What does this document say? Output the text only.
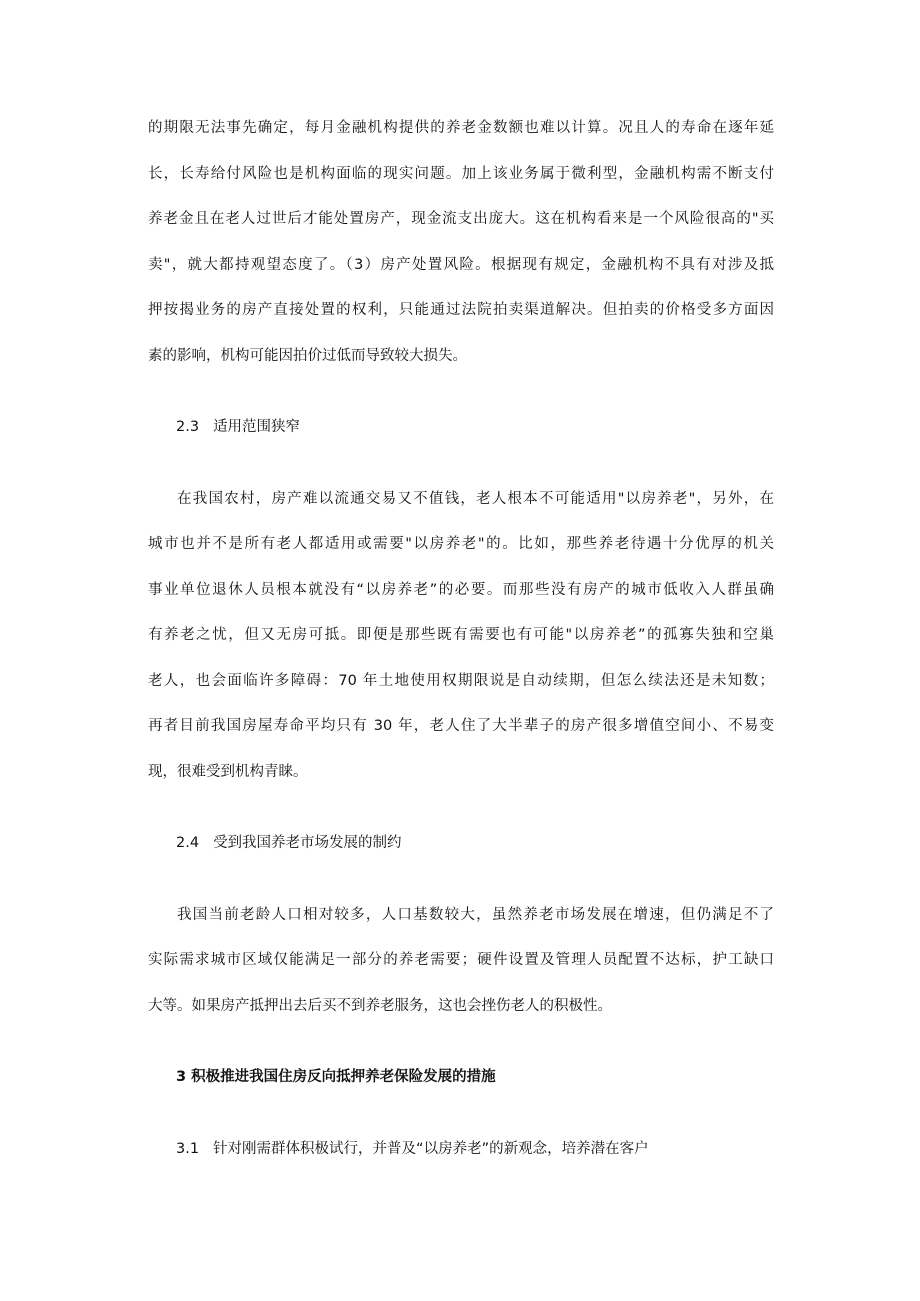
的期限无法事先确定，每月金融机构提供的养老金数额也难以计算。况且人的寿命在逐年延
长，长寿给付风险也是机构面临的现实问题。加上该业务属于微利型，金融机构需不断支付
养老金且在老人过世后才能处置房产，现金流支出庞大。这在机构看来是一个风险很高的"买
卖"，就大都持观望态度了。（3）房产处置风险。根据现有规定，金融机构不具有对涉及抵
押按揭业务的房产直接处置的权利，只能通过法院拍卖渠道解决。但拍卖的价格受多方面因
素的影响，机构可能因拍价过低而导致较大损失。
2.3 适用范围狭窄
在我国农村，房产难以流通交易又不值钱，老人根本不可能适用"以房养老"，另外，在
城市也并不是所有老人都适用或需要"以房养老"的。比如，那些养老待遇十分优厚的机关
事业单位退休人员根本就没有“以房养老”的必要。而那些没有房产的城市低收入人群虽确
有养老之忧，但又无房可抵。即便是那些既有需要也有可能"以房养老”的孤寡失独和空巢
老人，也会面临许多障碍：70 年土地使用权期限说是自动续期，但怎么续法还是未知数；
再者目前我国房屋寿命平均只有 30 年，老人住了大半辈子的房产很多增值空间小、不易变
现，很难受到机构青睐。
2.4 受到我国养老市场发展的制约
我国当前老龄人口相对较多，人口基数较大，虽然养老市场发展在增速，但仍满足不了
实际需求城市区域仅能满足一部分的养老需要；硬件设置及管理人员配置不达标，护工缺口
大等。如果房产抵押出去后买不到养老服务，这也会挫伤老人的积极性。
3 积极推进我国住房反向抵押养老保险发展的措施
3.1 针对刚需群体积极试行，并普及“以房养老”的新观念，培养潜在客户
